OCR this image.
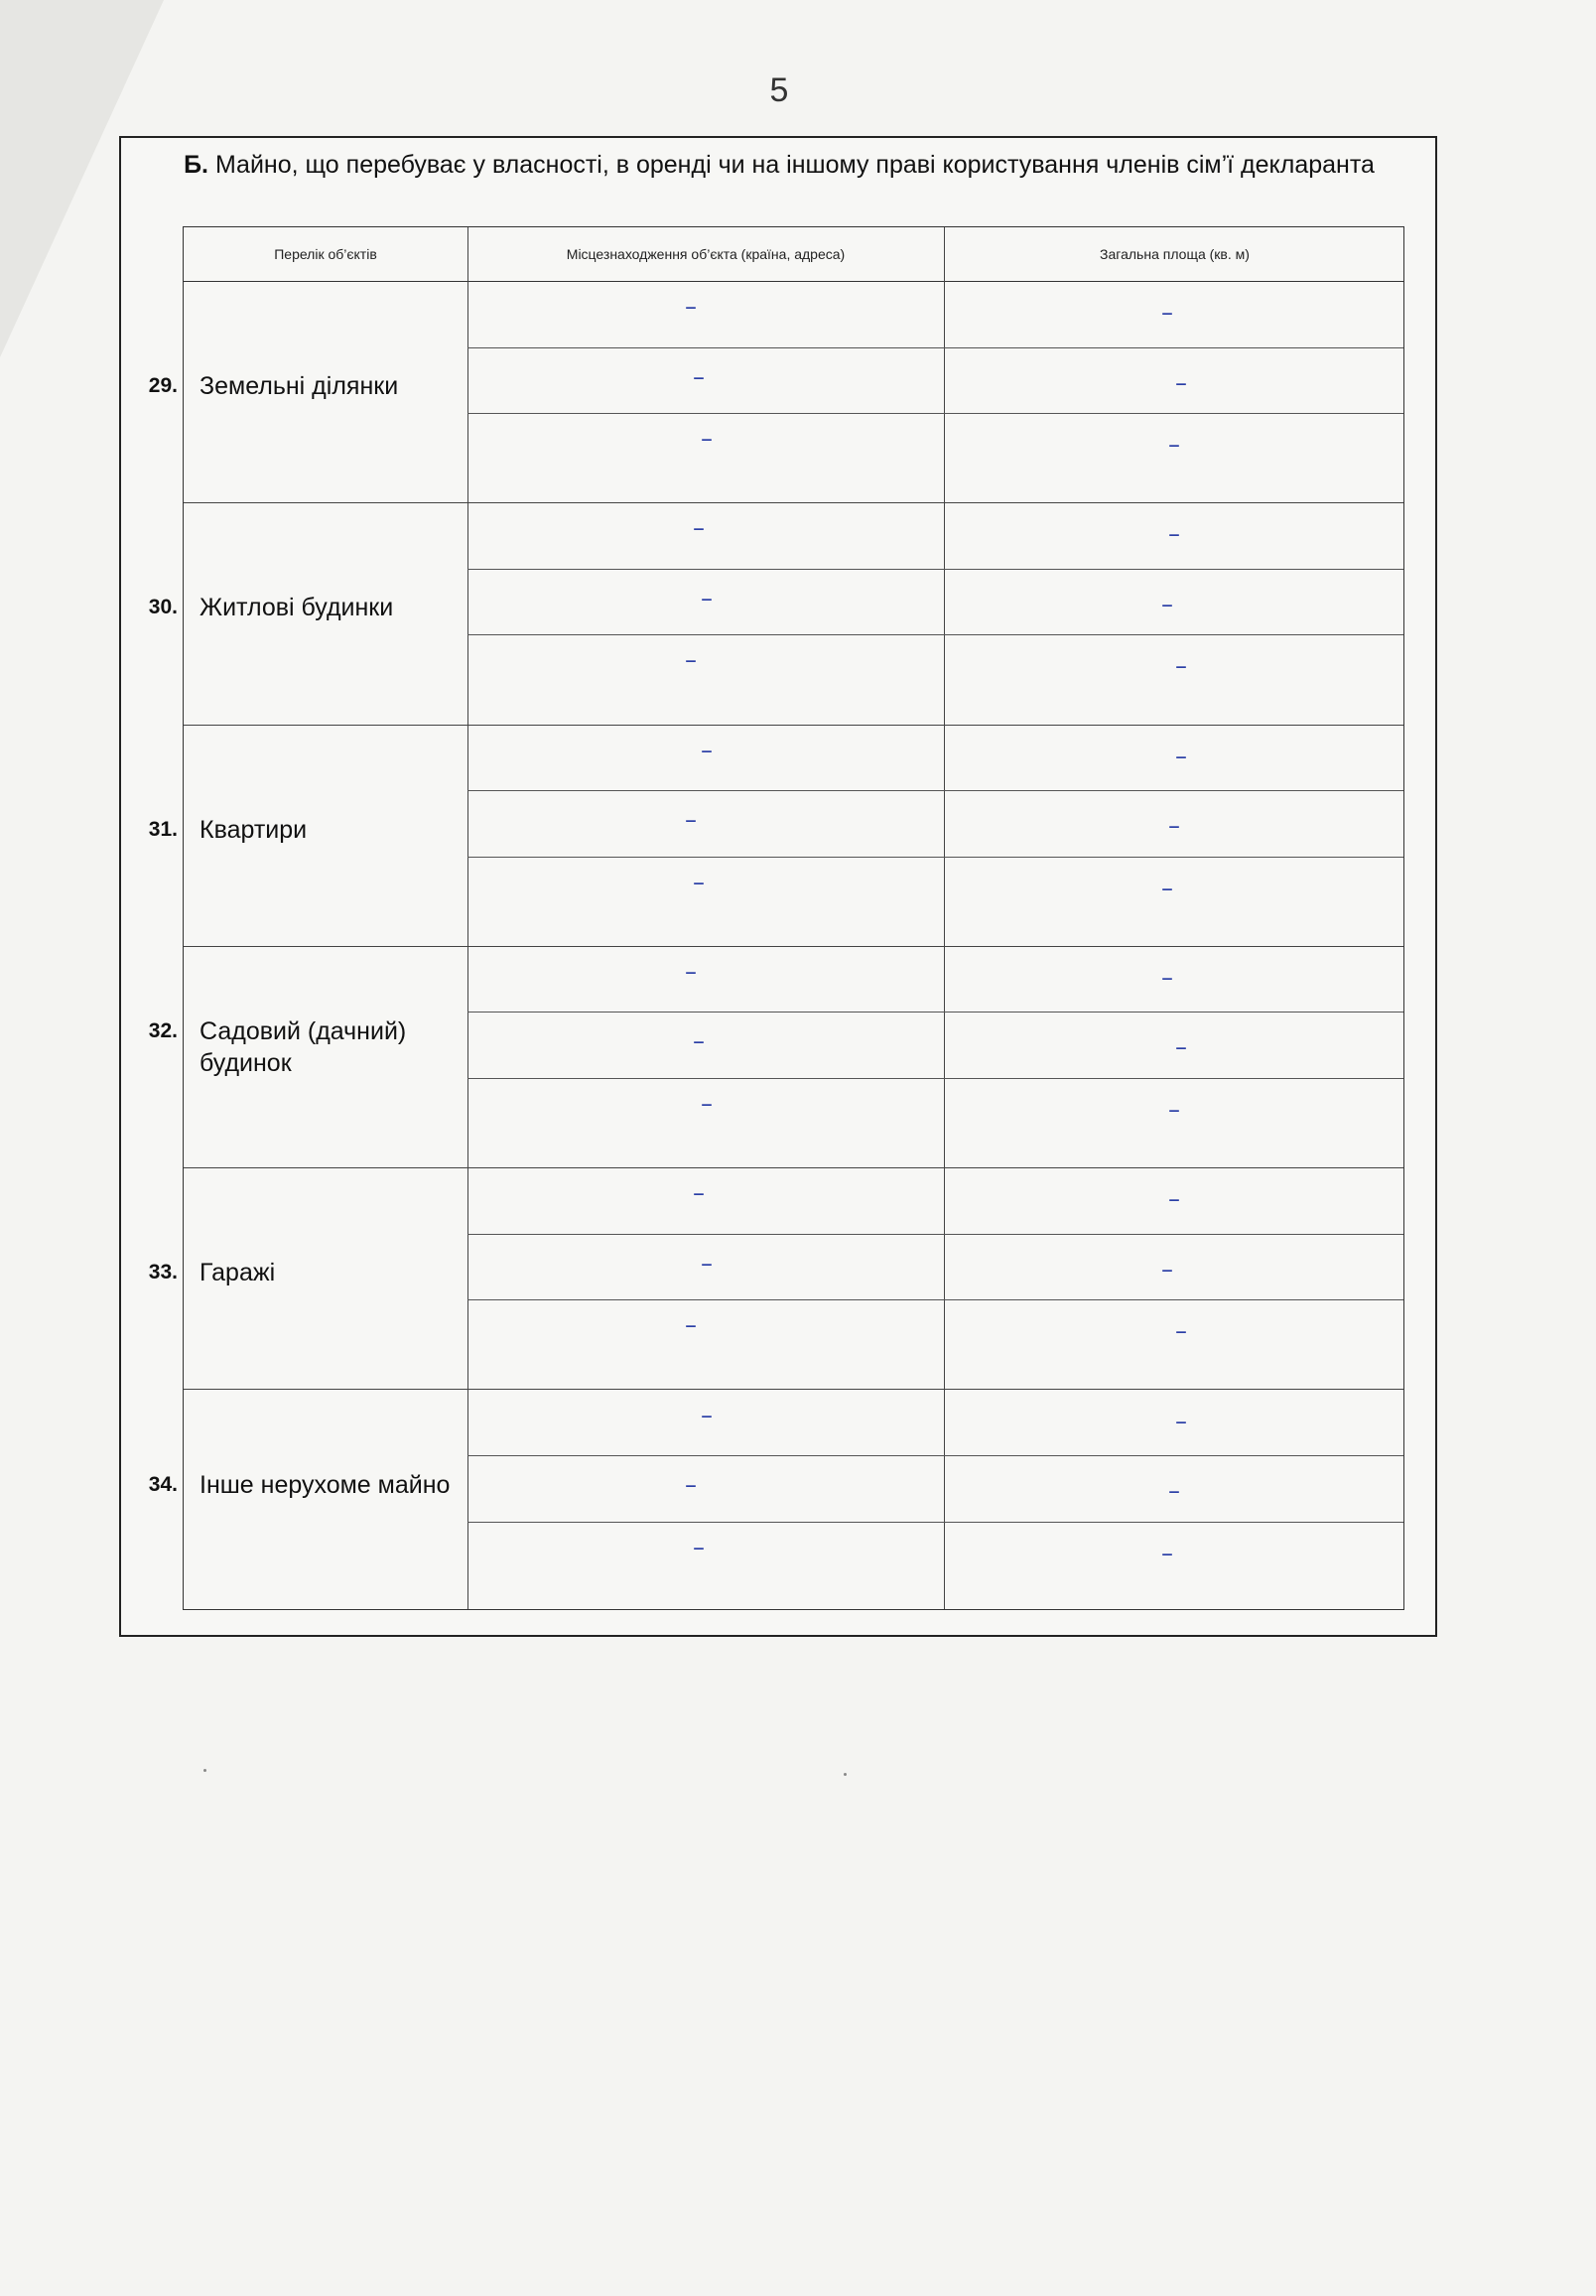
5
Б. Майно, що перебуває у власності, в оренді чи на іншому праві користування членів сім’ї декларанта
Перелік об’єктів	Місцезнаходження об’єкта (країна, адреса)	Загальна площа (кв. м)
29. Земельні ділянки
–	–
–	–
–	–
30. Житлові будинки
–	–
–	–
–	–
31. Квартири
–	–
–	–
–	–
32. Садовий (дачний) будинок
–	–
–	–
–	–
33. Гаражі
–	–
–	–
–	–
34. Інше нерухоме майно
–	–
–	–
–	–
